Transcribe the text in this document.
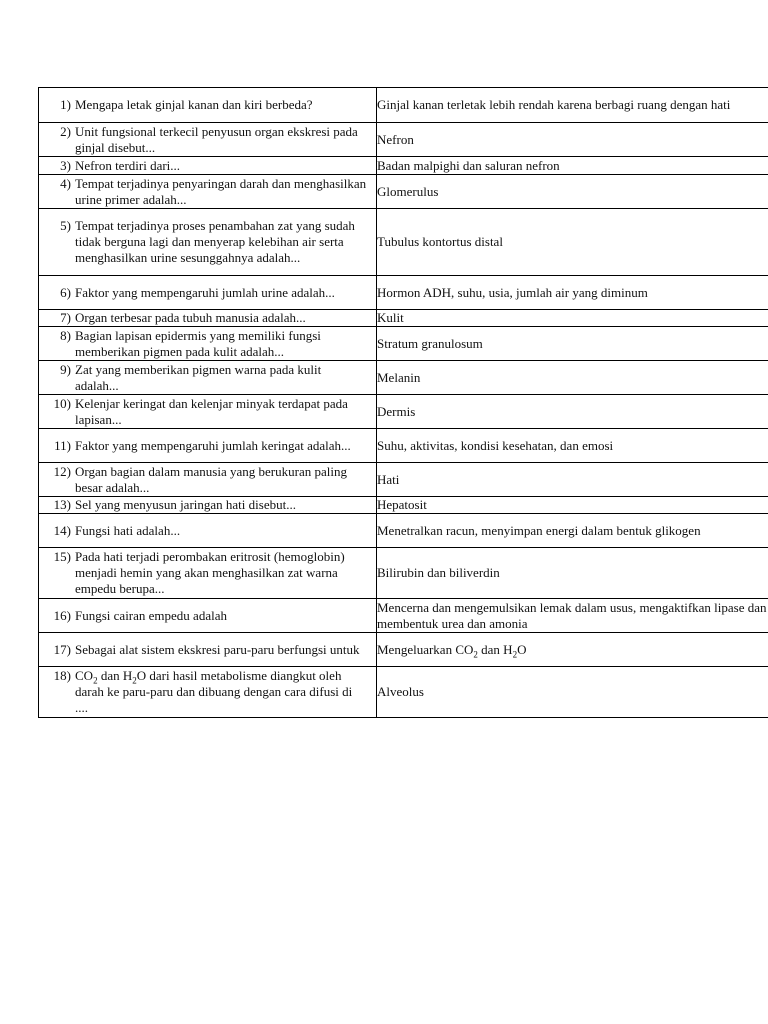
1) Mengapa letak ginjal kanan dan kiri berbeda?	Ginjal kanan terletak lebih rendah karena berbagi ruang dengan hati

2) Unit fungsional terkecil penyusun organ ekskresi pada ginjal disebut...	Nefron

3) Nefron terdiri dari...	Badan malpighi dan saluran nefron

4) Tempat terjadinya penyaringan darah dan menghasilkan urine primer adalah...	Glomerulus

5) Tempat terjadinya proses penambahan zat yang sudah tidak berguna lagi dan menyerap kelebihan air serta menghasilkan urine sesunggahnya adalah...	Tubulus kontortus distal

6) Faktor yang mempengaruhi jumlah urine adalah...	Hormon ADH, suhu, usia, jumlah air yang diminum

7) Organ terbesar pada tubuh manusia adalah...	Kulit

8) Bagian lapisan epidermis yang memiliki fungsi memberikan pigmen pada kulit adalah...	Stratum granulosum

9) Zat yang memberikan pigmen warna pada kulit adalah...	Melanin

10) Kelenjar keringat dan kelenjar minyak terdapat pada lapisan...	Dermis

11) Faktor yang mempengaruhi jumlah keringat adalah...	Suhu, aktivitas, kondisi kesehatan, dan emosi

12) Organ bagian dalam manusia yang berukuran paling besar adalah...	Hati

13) Sel yang menyusun jaringan hati disebut...	Hepatosit

14) Fungsi hati adalah...	Menetralkan racun, menyimpan energi dalam bentuk glikogen

15) Pada hati terjadi perombakan eritrosit (hemoglobin) menjadi hemin yang akan menghasilkan zat warna empedu berupa...	Bilirubin dan biliverdin

16) Fungsi cairan empedu adalah	Mencerna dan mengemulsikan lemak dalam usus, mengaktifkan lipase dan membentuk urea dan amonia

17) Sebagai alat sistem ekskresi paru-paru berfungsi untuk	Mengeluarkan $CO_2$ dan $H_2O$

18) $CO_2$ dan $H_2O$ dari hasil metabolisme diangkut oleh darah ke paru-paru dan dibuang dengan cara difusi di ....	Alveolus
